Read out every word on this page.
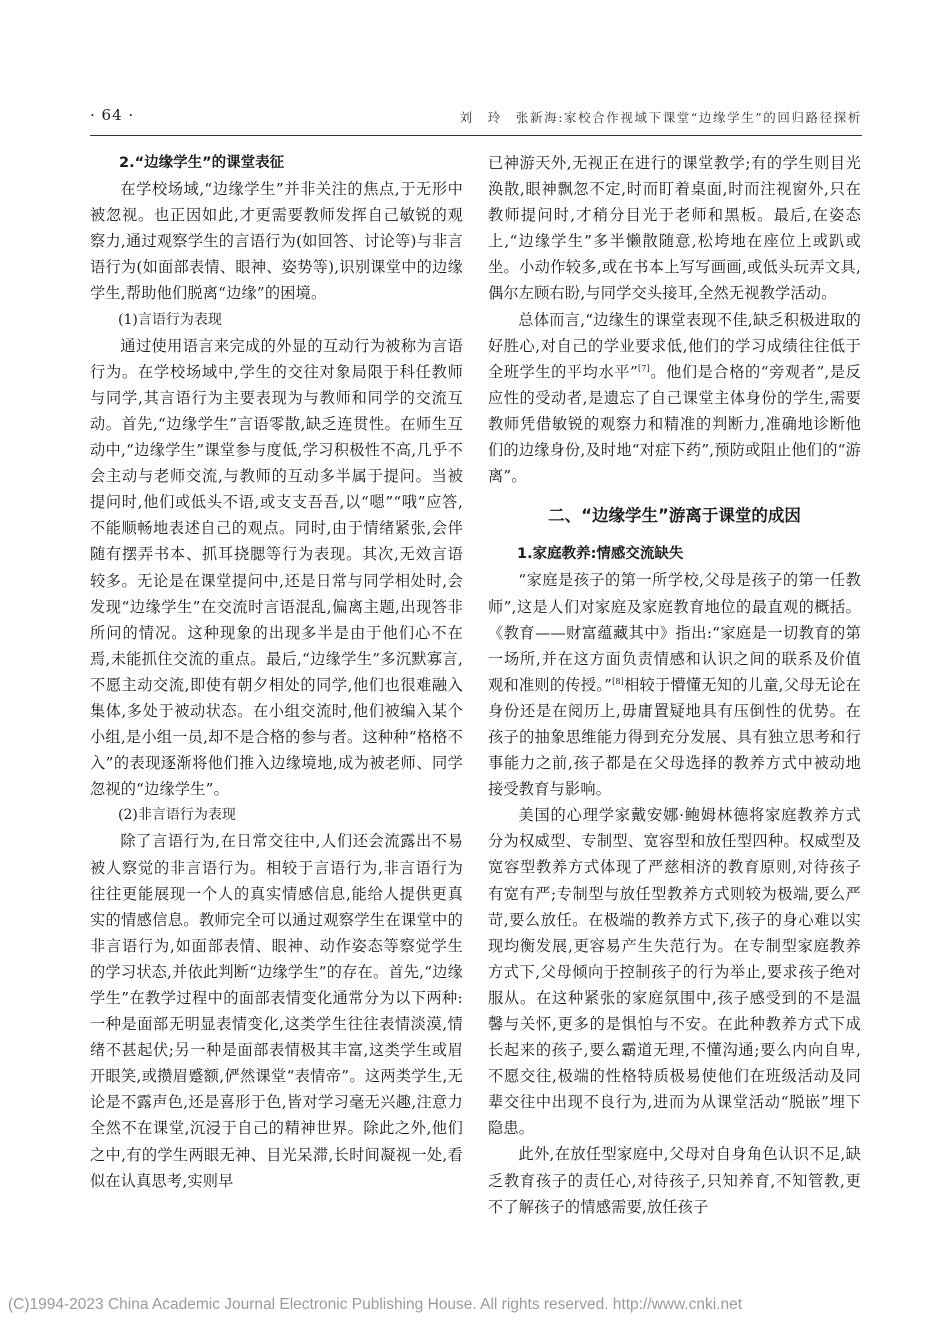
· 64 ·	刘　玲　张新海:家校合作视域下课堂“边缘学生”的回归路径探析
2.“边缘学生”的课堂表征

在学校场域,“边缘学生”并非关注的焦点,于无形中被忽视。也正因如此,才更需要教师发挥自己敏锐的观察力,通过观察学生的言语行为(如回答、讨论等)与非言语行为(如面部表情、眼神、姿势等),识别课堂中的边缘学生,帮助他们脱离“边缘”的困境。

(1)言语行为表现

通过使用语言来完成的外显的互动行为被称为言语行为。在学校场域中,学生的交往对象局限于科任教师与同学,其言语行为主要表现为与教师和同学的交流互动。首先,“边缘学生”言语零散,缺乏连贯性。在师生互动中,“边缘学生”课堂参与度低,学习积极性不高,几乎不会主动与老师交流,与教师的互动多半属于提问。当被提问时,他们或低头不语,或支支吾吾,以“嗯”“哦”应答,不能顺畅地表述自己的观点。同时,由于情绪紧张,会伴随有摆弄书本、抓耳挠腮等行为表现。其次,无效言语较多。无论是在课堂提问中,还是日常与同学相处时,会发现“边缘学生”在交流时言语混乱,偏离主题,出现答非所问的情况。这种现象的出现多半是由于他们心不在焉,未能抓住交流的重点。最后,“边缘学生”多沉默寡言,不愿主动交流,即使有朝夕相处的同学,他们也很难融入集体,多处于被动状态。在小组交流时,他们被编入某个小组,是小组一员,却不是合格的参与者。这种种“格格不入”的表现逐渐将他们推入边缘境地,成为被老师、同学忽视的“边缘学生”。

(2)非言语行为表现

除了言语行为,在日常交往中,人们还会流露出不易被人察觉的非言语行为。相较于言语行为,非言语行为往往更能展现一个人的真实情感信息,能给人提供更真实的情感信息。教师完全可以通过观察学生在课堂中的非言语行为,如面部表情、眼神、动作姿态等察觉学生的学习状态,并依此判断“边缘学生”的存在。首先,“边缘学生”在教学过程中的面部表情变化通常分为以下两种:一种是面部无明显表情变化,这类学生往往表情淡漠,情绪不甚起伏;另一种是面部表情极其丰富,这类学生或眉开眼笑,或攒眉蹙额,俨然课堂“表情帝”。这两类学生,无论是不露声色,还是喜形于色,皆对学习毫无兴趣,注意力全然不在课堂,沉浸于自己的精神世界。除此之外,他们之中,有的学生两眼无神、目光呆滞,长时间凝视一处,看似在认真思考,实则早

已神游天外,无视正在进行的课堂教学;有的学生则目光涣散,眼神飘忽不定,时而盯着桌面,时而注视窗外,只在教师提问时,才稍分目光于老师和黑板。最后,在姿态上,“边缘学生”多半懒散随意,松垮地在座位上或趴或坐。小动作较多,或在书本上写写画画,或低头玩弄文具,偶尔左顾右盼,与同学交头接耳,全然无视教学活动。

总体而言,“边缘生的课堂表现不佳,缺乏积极进取的好胜心,对自己的学业要求低,他们的学习成绩往往低于全班学生的平均水平”[7]。他们是合格的“旁观者”,是反应性的受动者,是遗忘了自己课堂主体身份的学生,需要教师凭借敏锐的观察力和精准的判断力,准确地诊断他们的边缘身份,及时地“对症下药”,预防或阻止他们的“游离”。

二、“边缘学生”游离于课堂的成因
1.家庭教养:情感交流缺失

“家庭是孩子的第一所学校,父母是孩子的第一任教师”,这是人们对家庭及家庭教育地位的最直观的概括。《教育——财富蕴藏其中》指出:“家庭是一切教育的第一场所,并在这方面负责情感和认识之间的联系及价值观和准则的传授。”[8]相较于懵懂无知的儿童,父母无论在身份还是在阅历上,毋庸置疑地具有压倒性的优势。在孩子的抽象思维能力得到充分发展、具有独立思考和行事能力之前,孩子都是在父母选择的教养方式中被动地接受教育与影响。

美国的心理学家戴安娜·鲍姆林德将家庭教养方式分为权威型、专制型、宽容型和放任型四种。权威型及宽容型教养方式体现了严慈相济的教育原则,对待孩子有宽有严;专制型与放任型教养方式则较为极端,要么严苛,要么放任。在极端的教养方式下,孩子的身心难以实现均衡发展,更容易产生失范行为。在专制型家庭教养方式下,父母倾向于控制孩子的行为举止,要求孩子绝对服从。在这种紧张的家庭氛围中,孩子感受到的不是温馨与关怀,更多的是惧怕与不安。在此种教养方式下成长起来的孩子,要么霸道无理,不懂沟通;要么内向自卑,不愿交往,极端的性格特质极易使他们在班级活动及同辈交往中出现不良行为,进而为从课堂活动“脱嵌”埋下隐患。

此外,在放任型家庭中,父母对自身角色认识不足,缺乏教育孩子的责任心,对待孩子,只知养育,不知管教,更不了解孩子的情感需要,放任孩子

(C)1994-2023 China Academic Journal Electronic Publishing House. All rights reserved. http://www.cnki.net
